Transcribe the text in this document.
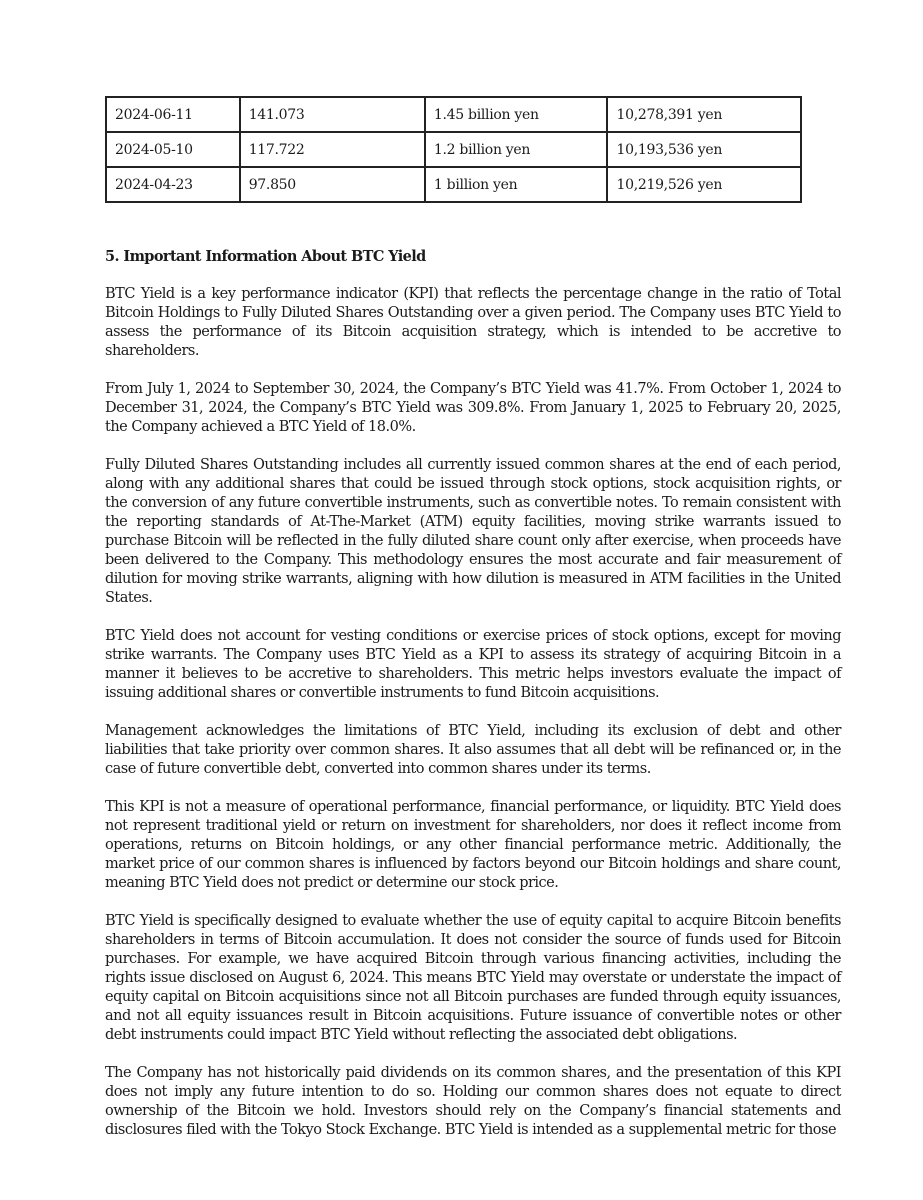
2024-06-11	141.073	1.45 billion yen	10,278,391 yen
2024-05-10	117.722	1.2 billion yen	10,193,536 yen
2024-04-23	97.850	1 billion yen	10,219,526 yen
5. Important Information About BTC Yield

BTC Yield is a key performance indicator (KPI) that reflects the percentage change in the ratio of Total Bitcoin Holdings to Fully Diluted Shares Outstanding over a given period. The Company uses BTC Yield to assess the performance of its Bitcoin acquisition strategy, which is intended to be accretive to shareholders.

From July 1, 2024 to September 30, 2024, the Company’s BTC Yield was 41.7%. From October 1, 2024 to December 31, 2024, the Company’s BTC Yield was 309.8%. From January 1, 2025 to February 20, 2025, the Company achieved a BTC Yield of 18.0%.

Fully Diluted Shares Outstanding includes all currently issued common shares at the end of each period, along with any additional shares that could be issued through stock options, stock acquisition rights, or the conversion of any future convertible instruments, such as convertible notes. To remain consistent with the reporting standards of At-The-Market (ATM) equity facilities, moving strike warrants issued to purchase Bitcoin will be reflected in the fully diluted share count only after exercise, when proceeds have been delivered to the Company. This methodology ensures the most accurate and fair measurement of dilution for moving strike warrants, aligning with how dilution is measured in ATM facilities in the United States.

BTC Yield does not account for vesting conditions or exercise prices of stock options, except for moving strike warrants. The Company uses BTC Yield as a KPI to assess its strategy of acquiring Bitcoin in a manner it believes to be accretive to shareholders. This metric helps investors evaluate the impact of issuing additional shares or convertible instruments to fund Bitcoin acquisitions.

Management acknowledges the limitations of BTC Yield, including its exclusion of debt and other liabilities that take priority over common shares. It also assumes that all debt will be refinanced or, in the case of future convertible debt, converted into common shares under its terms.

This KPI is not a measure of operational performance, financial performance, or liquidity. BTC Yield does not represent traditional yield or return on investment for shareholders, nor does it reflect income from operations, returns on Bitcoin holdings, or any other financial performance metric. Additionally, the market price of our common shares is influenced by factors beyond our Bitcoin holdings and share count, meaning BTC Yield does not predict or determine our stock price.

BTC Yield is specifically designed to evaluate whether the use of equity capital to acquire Bitcoin benefits shareholders in terms of Bitcoin accumulation. It does not consider the source of funds used for Bitcoin purchases. For example, we have acquired Bitcoin through various financing activities, including the rights issue disclosed on August 6, 2024. This means BTC Yield may overstate or understate the impact of equity capital on Bitcoin acquisitions since not all Bitcoin purchases are funded through equity issuances, and not all equity issuances result in Bitcoin acquisitions. Future issuance of convertible notes or other debt instruments could impact BTC Yield without reflecting the associated debt obligations.

The Company has not historically paid dividends on its common shares, and the presentation of this KPI does not imply any future intention to do so. Holding our common shares does not equate to direct ownership of the Bitcoin we hold. Investors should rely on the Company’s financial statements and disclosures filed with the Tokyo Stock Exchange. BTC Yield is intended as a supplemental metric for those
